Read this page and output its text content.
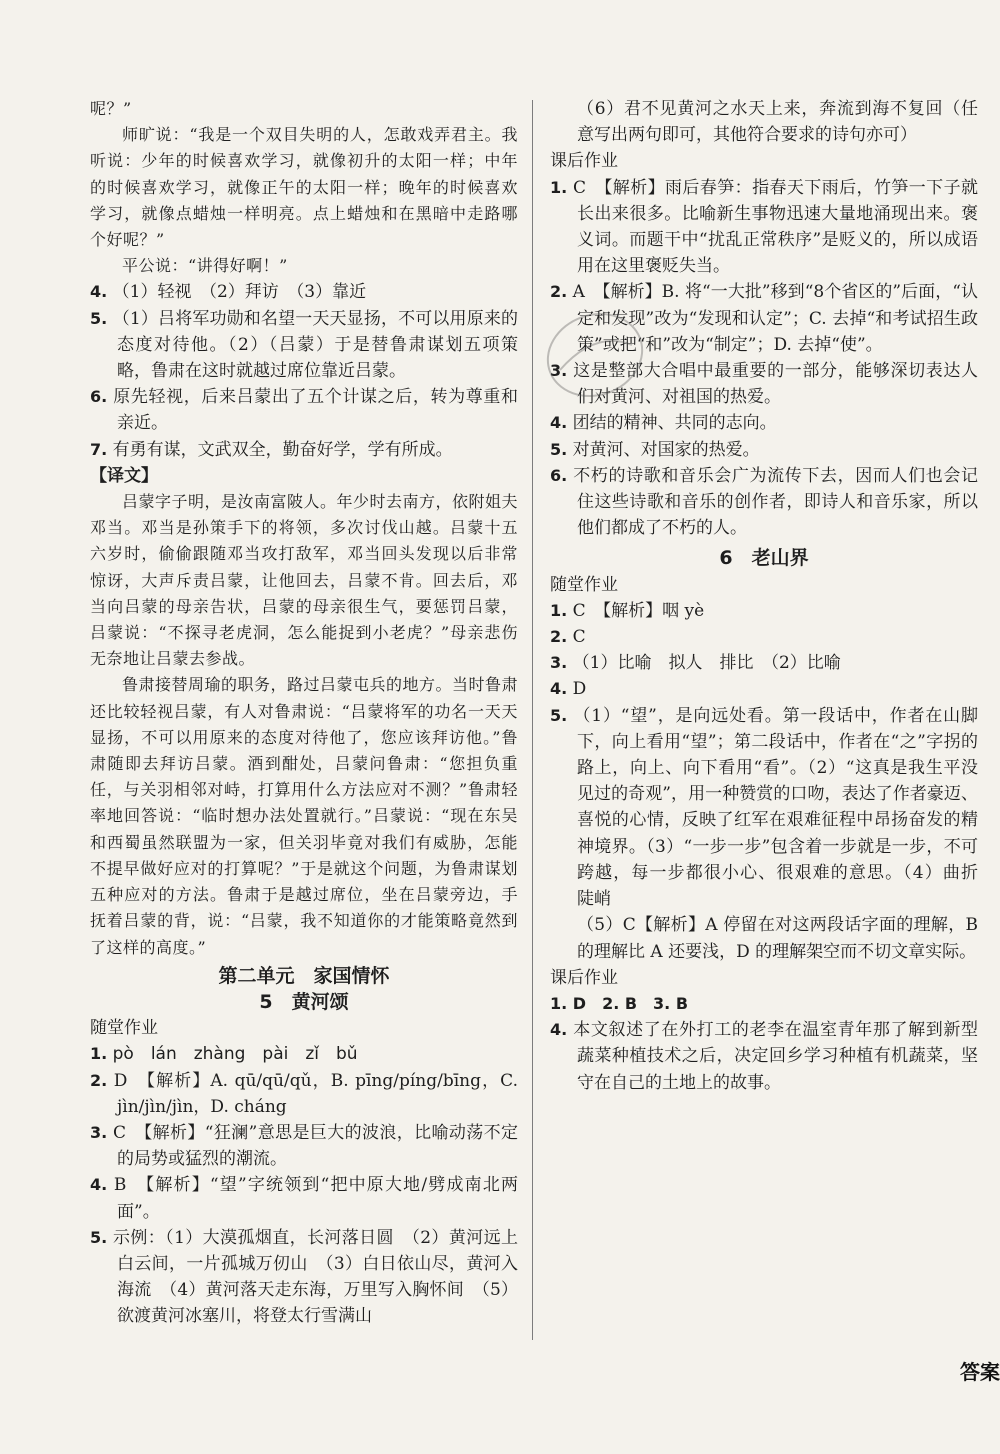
呢？”

师旷说：“我是一个双目失明的人，怎敢戏弄君主。我听说：少年的时候喜欢学习，就像初升的太阳一样；中年的时候喜欢学习，就像正午的太阳一样；晚年的时候喜欢学习，就像点蜡烛一样明亮。点上蜡烛和在黑暗中走路哪个好呢？”

平公说：“讲得好啊！”

4. （1）轻视　（2）拜访　（3）靠近

5. （1）吕将军功勋和名望一天天显扬，不可以用原来的态度对待他。（2）（吕蒙）于是替鲁肃谋划五项策略，鲁肃在这时就越过席位靠近吕蒙。

6. 原先轻视，后来吕蒙出了五个计谋之后，转为尊重和亲近。

7. 有勇有谋，文武双全，勤奋好学，学有所成。

【译文】

吕蒙字子明，是汝南富陂人。年少时去南方，依附姐夫邓当。邓当是孙策手下的将领，多次讨伐山越。吕蒙十五六岁时，偷偷跟随邓当攻打敌军，邓当回头发现以后非常惊讶，大声斥责吕蒙，让他回去，吕蒙不肯。回去后，邓当向吕蒙的母亲告状，吕蒙的母亲很生气，要惩罚吕蒙，吕蒙说：“不探寻老虎洞，怎么能捉到小老虎？”母亲悲伤无奈地让吕蒙去参战。

鲁肃接替周瑜的职务，路过吕蒙屯兵的地方。当时鲁肃还比较轻视吕蒙，有人对鲁肃说：“吕蒙将军的功名一天天显扬，不可以用原来的态度对待他了，您应该拜访他。”鲁肃随即去拜访吕蒙。酒到酣处，吕蒙问鲁肃：“您担负重任，与关羽相邻对峙，打算用什么方法应对不测？”鲁肃轻率地回答说：“临时想办法处置就行。”吕蒙说：“现在东吴和西蜀虽然联盟为一家，但关羽毕竟对我们有威胁，怎能不提早做好应对的打算呢？”于是就这个问题，为鲁肃谋划五种应对的方法。鲁肃于是越过席位，坐在吕蒙旁边，手抚着吕蒙的背，说：“吕蒙，我不知道你的才能策略竟然到了这样的高度。”

第二单元　家国情怀

5　黄河颂

随堂作业

1. pò　lán　zhàng　pài　zǐ　bǔ

2. D　【解析】A. qū/qū/qǔ，B. pīng/píng/bīng，C. jìn/jìn/jìn，D. cháng

3. C　【解析】“狂澜”意思是巨大的波浪，比喻动荡不定的局势或猛烈的潮流。

4. B　【解析】“望”字统领到“把中原大地/劈成南北两面”。

5. 示例：（1）大漠孤烟直，长河落日圆　（2）黄河远上白云间，一片孤城万仞山　（3）白日依山尽，黄河入海流　（4）黄河落天走东海，万里写入胸怀间　（5）欲渡黄河冰塞川，将登太行雪满山

（6）君不见黄河之水天上来，奔流到海不复回（任意写出两句即可，其他符合要求的诗句亦可）

课后作业

1. C　【解析】雨后春笋：指春天下雨后，竹笋一下子就长出来很多。比喻新生事物迅速大量地涌现出来。褒义词。而题干中“扰乱正常秩序”是贬义的，所以成语用在这里褒贬失当。

2. A　【解析】B. 将“一大批”移到“8个省区的”后面，“认定和发现”改为“发现和认定”；C. 去掉“和考试招生政策”或把“和”改为“制定”；D. 去掉“使”。

3. 这是整部大合唱中最重要的一部分，能够深切表达人们对黄河、对祖国的热爱。

4. 团结的精神、共同的志向。

5. 对黄河、对国家的热爱。

6. 不朽的诗歌和音乐会广为流传下去，因而人们也会记住这些诗歌和音乐的创作者，即诗人和音乐家，所以他们都成了不朽的人。

6　老山界

随堂作业

1. C　【解析】咽 yè

2. C

3. （1）比喻　拟人　排比　（2）比喻

4. D

5. （1）“望”，是向远处看。第一段话中，作者在山脚下，向上看用“望”；第二段话中，作者在“之”字拐的路上，向上、向下看用“看”。（2）“这真是我生平没见过的奇观”，用一种赞赏的口吻，表达了作者豪迈、喜悦的心情，反映了红军在艰难征程中昂扬奋发的精神境界。（3）“一步一步”包含着一步就是一步，不可跨越，每一步都很小心、很艰难的意思。（4）曲折　陡峭

（5）C【解析】A 停留在对这两段话字面的理解，B 的理解比 A 还要浅，D 的理解架空而不切文章实际。

课后作业

1. D　2. B　3. B

4. 本文叙述了在外打工的老李在温室青年那了解到新型蔬菜种植技术之后，决定回乡学习种植有机蔬菜，坚守在自己的土地上的故事。

答案
